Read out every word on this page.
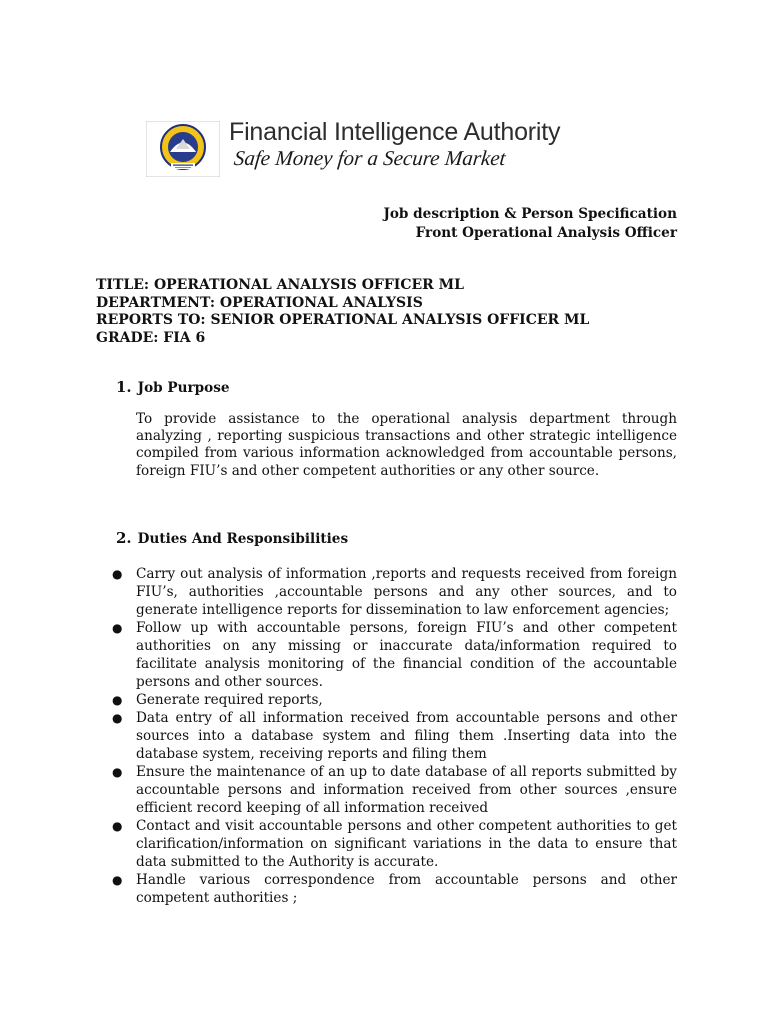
Financial Intelligence Authority
Safe Money for a Secure Market
Job description & Person Specification
Front Operational Analysis Officer
TITLE: OPERATIONAL ANALYSIS OFFICER ML
DEPARTMENT: OPERATIONAL ANALYSIS
REPORTS TO: SENIOR OPERATIONAL ANALYSIS OFFICER ML
GRADE: FIA 6
1. Job Purpose
To provide assistance to the operational analysis department through analyzing , reporting suspicious transactions and other strategic intelligence compiled from various information acknowledged from accountable persons, foreign FIU’s and other competent authorities or any other source.
2. Duties And Responsibilities
● Carry out analysis of information ,reports and requests received from foreign FIU’s, authorities ,accountable persons and any other sources, and to generate intelligence reports for dissemination to law enforcement agencies;
● Follow up with accountable persons, foreign FIU’s and other competent authorities on any missing or inaccurate data/information required to facilitate analysis monitoring of the financial condition of the accountable persons and other sources.
● Generate required reports,
● Data entry of all information received from accountable persons and other sources into a database system and filing them .Inserting data into the database system, receiving reports and filing them
● Ensure the maintenance of an up to date database of all reports submitted by accountable persons and information received from other sources ,ensure efficient record keeping of all information received
● Contact and visit accountable persons and other competent authorities to get clarification/information on significant variations in the data to ensure that data submitted to the Authority is accurate.
● Handle various correspondence from accountable persons and other competent authorities ;
